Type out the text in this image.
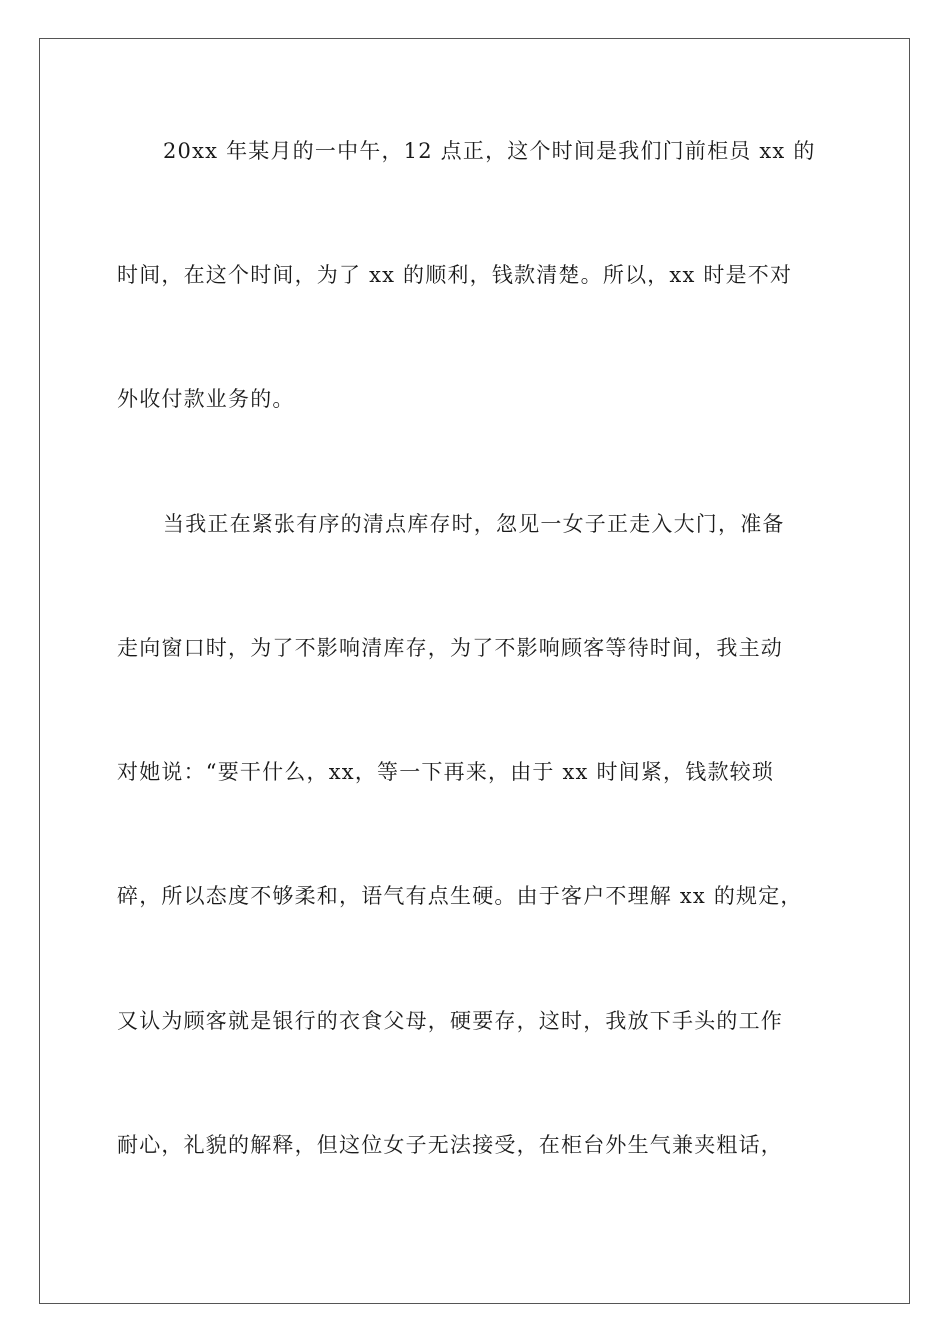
20xx 年某月的一中午，12 点正，这个时间是我们门前柜员 xx 的
时间，在这个时间，为了 xx 的顺利，钱款清楚。所以，xx 时是不对
外收付款业务的。
当我正在紧张有序的清点库存时，忽见一女子正走入大门，准备
走向窗口时，为了不影响清库存，为了不影响顾客等待时间，我主动
对她说：“要干什么，xx，等一下再来，由于 xx 时间紧，钱款较琐
碎，所以态度不够柔和，语气有点生硬。由于客户不理解 xx 的规定，
又认为顾客就是银行的衣食父母，硬要存，这时，我放下手头的工作
耐心，礼貌的解释，但这位女子无法接受，在柜台外生气兼夹粗话，
